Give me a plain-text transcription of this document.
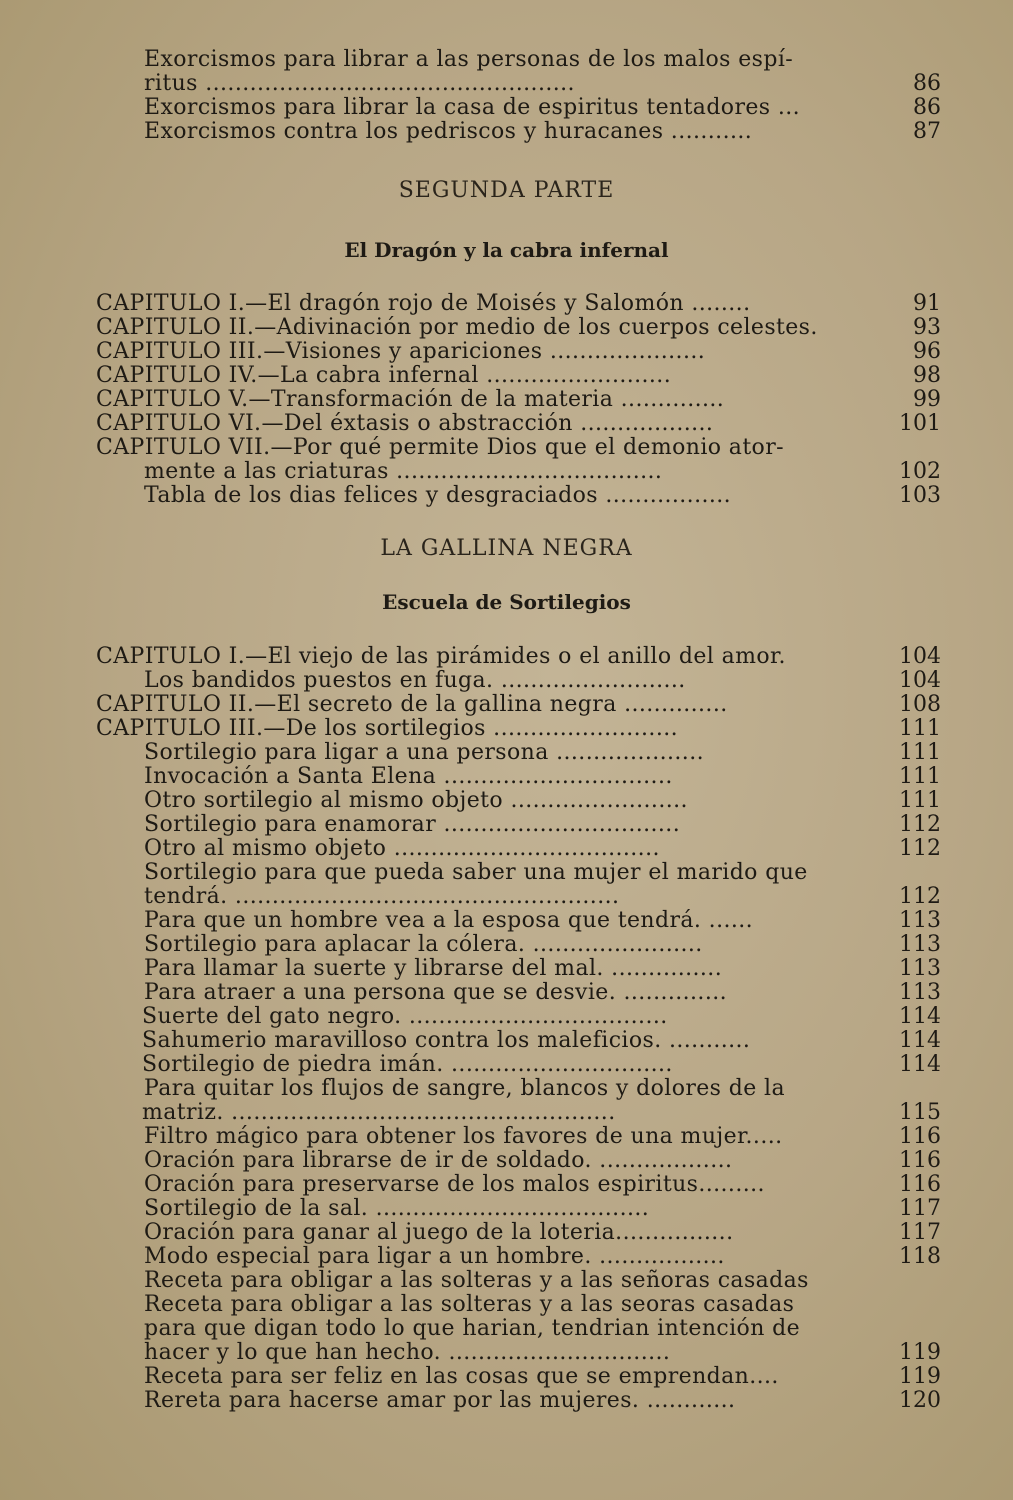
Exorcismos para librar a las personas de los malos espí-
ritus ..................................................	86
Exorcismos para librar la casa de espiritus tentadores ...	86
Exorcismos contra los pedriscos y huracanes ...........	87
SEGUNDA PARTE
El Dragón y la cabra infernal
CAPITULO I.—El dragón rojo de Moisés y Salomón ........	91
CAPITULO II.—Adivinación por medio de los cuerpos celestes.	93
CAPITULO III.—Visiones y apariciones .....................	96
CAPITULO IV.—La cabra infernal .........................	98
CAPITULO V.—Transformación de la materia ..............	99
CAPITULO VI.—Del éxtasis o abstracción ..................	101
CAPITULO VII.—Por qué permite Dios que el demonio ator-
mente a las criaturas ....................................	102
Tabla de los dias felices y desgraciados .................	103
LA GALLINA NEGRA
Escuela de Sortilegios
CAPITULO I.—El viejo de las pirámides o el anillo del amor.	104
Los bandidos puestos en fuga. .........................	104
CAPITULO II.—El secreto de la gallina negra ..............	108
CAPITULO III.—De los sortilegios .........................	111
Sortilegio para ligar a una persona ....................	111
Invocación a Santa Elena ...............................	111
Otro sortilegio al mismo objeto ........................	111
Sortilegio para enamorar ................................	112
Otro al mismo objeto ....................................	112
Sortilegio para que pueda saber una mujer el marido que
tendrá. ....................................................	112
Para que un hombre vea a la esposa que tendrá. ......	113
Sortilegio para aplacar la cólera. .......................	113
Para llamar la suerte y librarse del mal. ...............	113
Para atraer a una persona que se desvie. ..............	113
Suerte del gato negro. ...................................	114
Sahumerio maravilloso contra los maleficios. ...........	114
Sortilegio de piedra imán. ..............................	114
Para quitar los flujos de sangre, blancos y dolores de la
matriz. ....................................................	115
Filtro mágico para obtener los favores de una mujer.....	116
Oración para librarse de ir de soldado. ..................	116
Oración para preservarse de los malos espiritus.........	116
Sortilegio de la sal. .....................................	117
Oración para ganar al juego de la loteria................	117
Modo especial para ligar a un hombre. .................	118
Receta para obligar a las solteras y a las señoras casadas
Receta para obligar a las solteras y a las seoras casadas
para que digan todo lo que harian, tendrian intención de
hacer y lo que han hecho. ..............................	119
Receta para ser feliz en las cosas que se emprendan....	119
Rereta para hacerse amar por las mujeres. ............	120
